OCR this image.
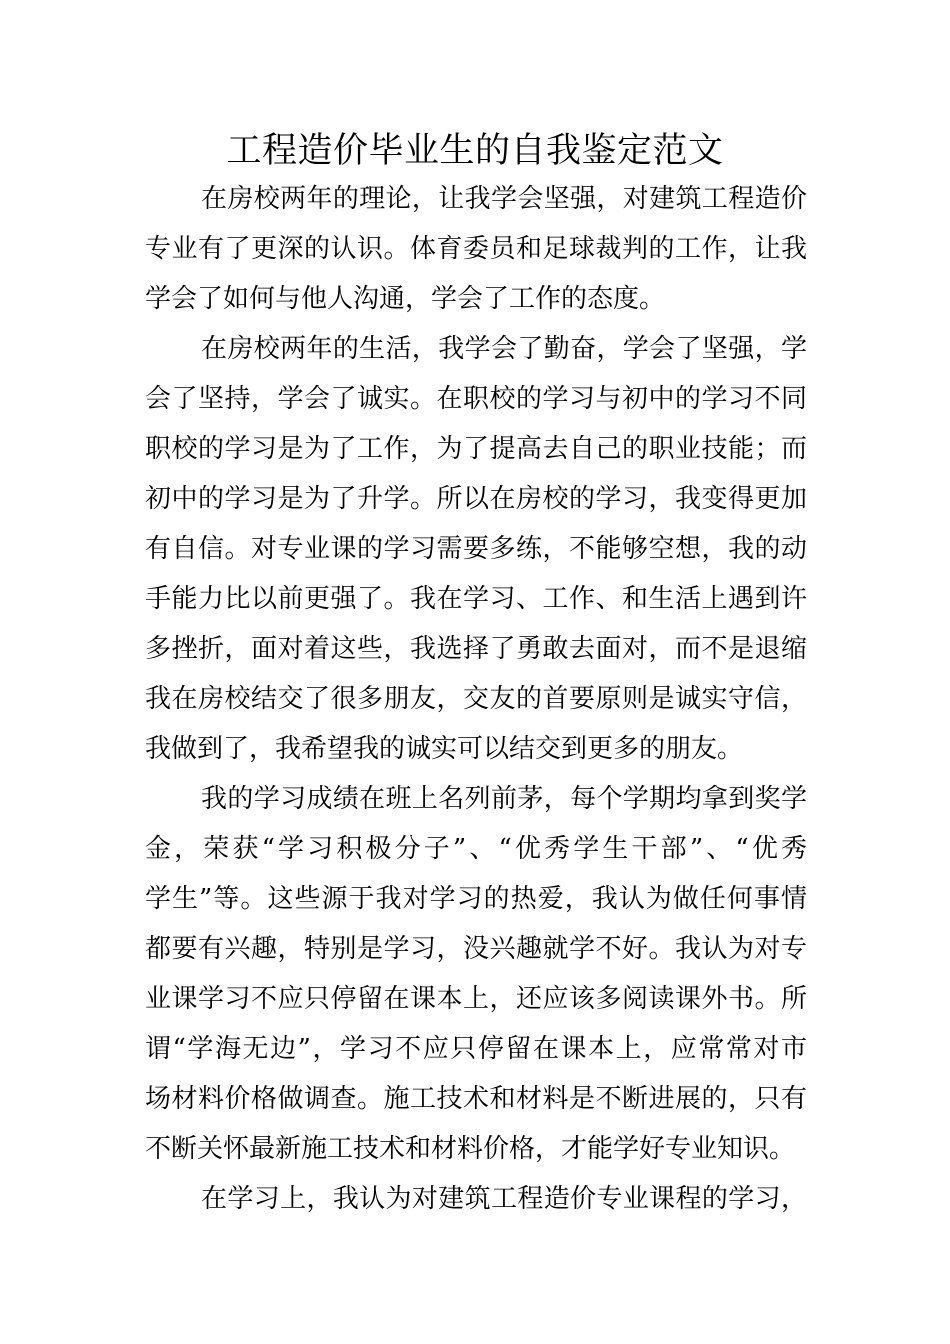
工程造价毕业生的自我鉴定范文
在房校两年的理论，让我学会坚强，对建筑工程造价
专业有了更深的认识。体育委员和足球裁判的工作，让我
学会了如何与他人沟通，学会了工作的态度。
在房校两年的生活，我学会了勤奋，学会了坚强，学
会了坚持，学会了诚实。在职校的学习与初中的学习不同
职校的学习是为了工作，为了提高去自己的职业技能；而
初中的学习是为了升学。所以在房校的学习，我变得更加
有自信。对专业课的学习需要多练，不能够空想，我的动
手能力比以前更强了。我在学习、工作、和生活上遇到许
多挫折，面对着这些，我选择了勇敢去面对，而不是退缩
我在房校结交了很多朋友，交友的首要原则是诚实守信，
我做到了，我希望我的诚实可以结交到更多的朋友。
我的学习成绩在班上名列前茅，每个学期均拿到奖学
金，荣获“学习积极分子”、“优秀学生干部”、“优秀
学生”等。这些源于我对学习的热爱，我认为做任何事情
都要有兴趣，特别是学习，没兴趣就学不好。我认为对专
业课学习不应只停留在课本上，还应该多阅读课外书。所
谓“学海无边”，学习不应只停留在课本上，应常常对市
场材料价格做调查。施工技术和材料是不断进展的，只有
不断关怀最新施工技术和材料价格，才能学好专业知识。
在学习上，我认为对建筑工程造价专业课程的学习，
